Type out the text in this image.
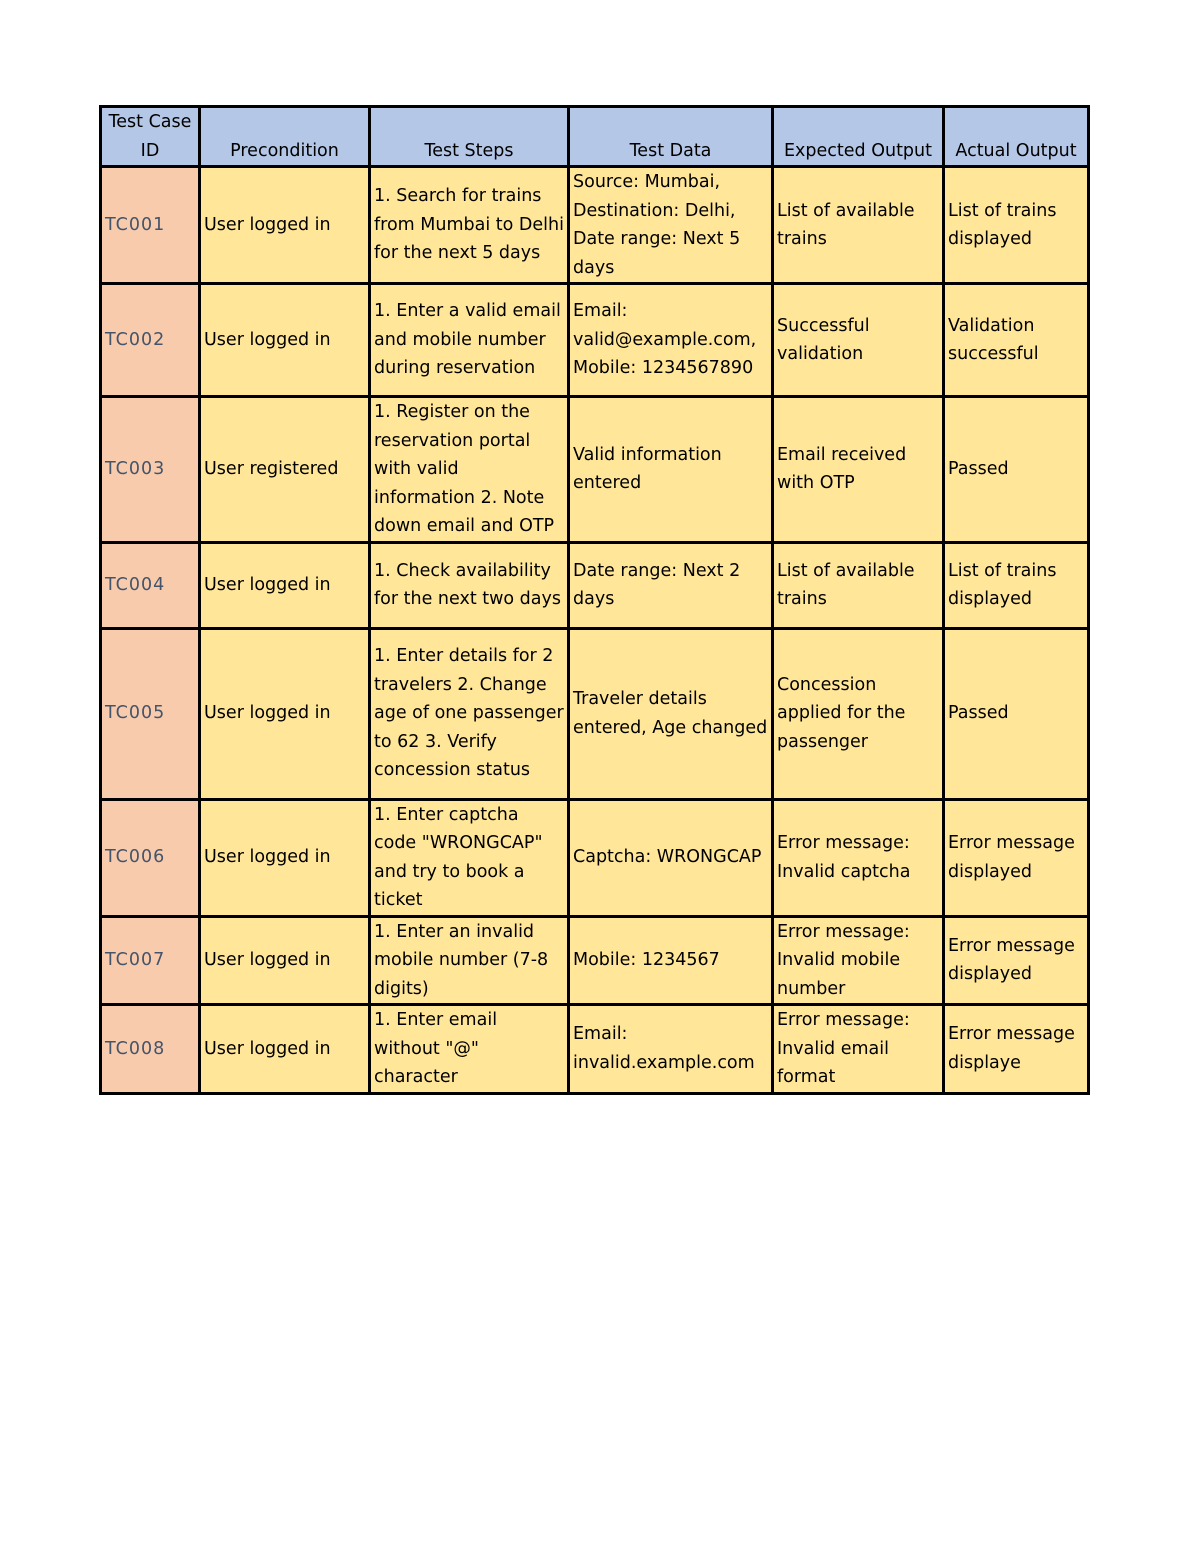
Test Case ID	Precondition	Test Steps	Test Data	Expected Output	Actual Output
TC001	User logged in	1. Search for trains from Mumbai to Delhi for the next 5 days	Source: Mumbai, Destination: Delhi, Date range: Next 5 days	List of available trains	List of trains displayed
TC002	User logged in	1. Enter a valid email and mobile number during reservation	Email: valid@example.com, Mobile: 1234567890	Successful validation	Validation successful
TC003	User registered	1. Register on the reservation portal with valid information 2. Note down email and OTP	Valid information entered	Email received with OTP	Passed
TC004	User logged in	1. Check availability for the next two days	Date range: Next 2 days	List of available trains	List of trains displayed
TC005	User logged in	1. Enter details for 2 travelers 2. Change age of one passenger to 62 3. Verify concession status	Traveler details entered, Age changed	Concession applied for the passenger	Passed
TC006	User logged in	1. Enter captcha code "WRONGCAP" and try to book a ticket	Captcha: WRONGCAP	Error message: Invalid captcha	Error message displayed
TC007	User logged in	1. Enter an invalid mobile number (7-8 digits)	Mobile: 1234567	Error message: Invalid mobile number	Error message displayed
TC008	User logged in	1. Enter email without "@" character	Email: invalid.example.com	Error message: Invalid email format	Error message displaye
